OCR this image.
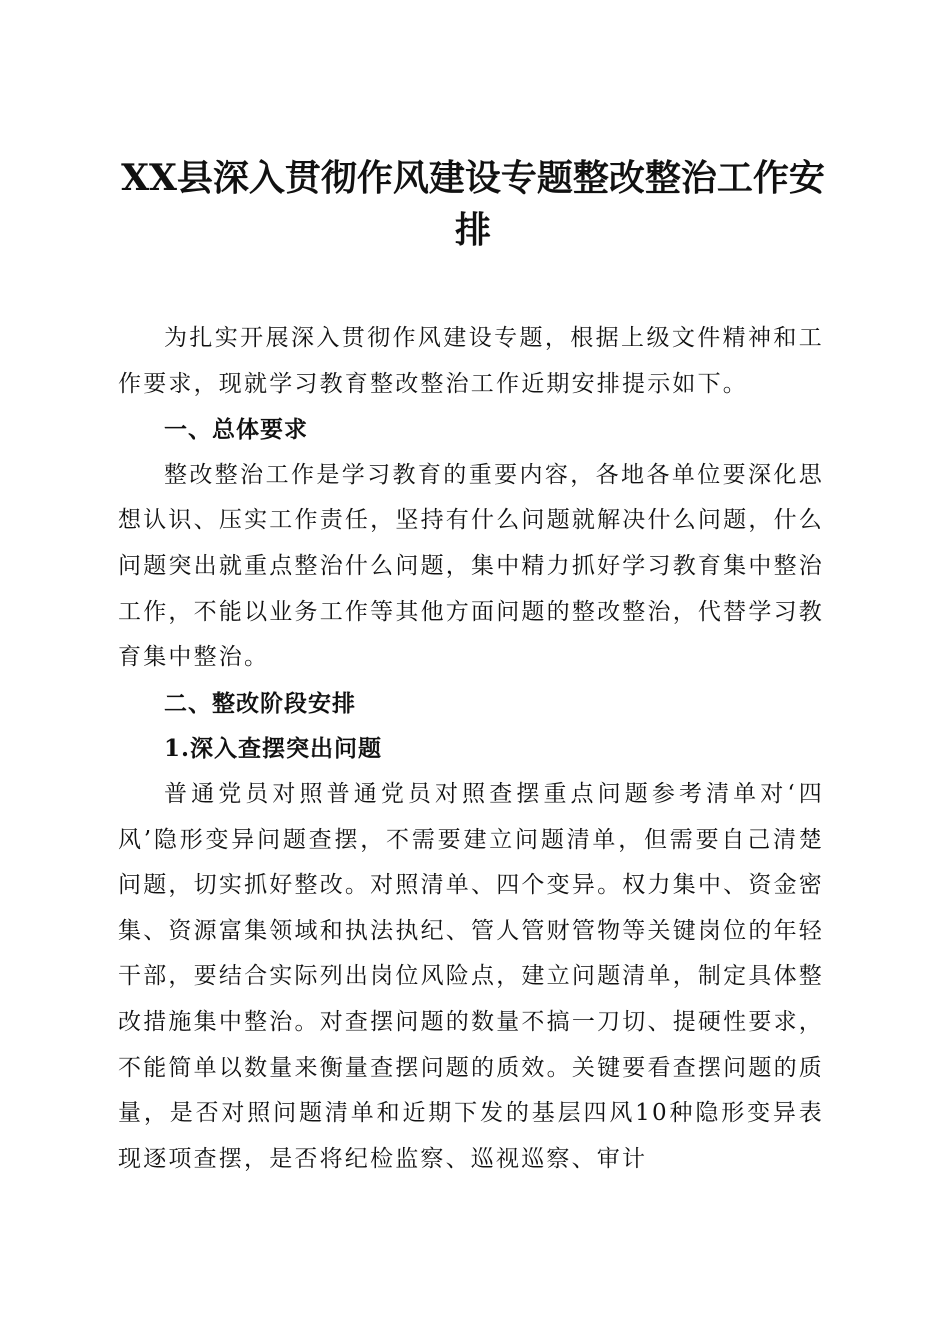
XX县深入贯彻作风建设专题整改整治工作安排

为扎实开展深入贯彻作风建设专题，根据上级文件精神和工作要求，现就学习教育整改整治工作近期安排提示如下。

一、总体要求

整改整治工作是学习教育的重要内容，各地各单位要深化思想认识、压实工作责任，坚持有什么问题就解决什么问题，什么问题突出就重点整治什么问题，集中精力抓好学习教育集中整治工作，不能以业务工作等其他方面问题的整改整治，代替学习教育集中整治。

二、整改阶段安排

1.深入查摆突出问题

普通党员对照普通党员对照查摆重点问题参考清单对‘四风’隐形变异问题查摆，不需要建立问题清单，但需要自己清楚问题，切实抓好整改。对照清单、四个变异。权力集中、资金密集、资源富集领域和执法执纪、管人管财管物等关键岗位的年轻干部，要结合实际列出岗位风险点，建立问题清单，制定具体整改措施集中整治。对查摆问题的数量不搞一刀切、提硬性要求，不能简单以数量来衡量查摆问题的质效。关键要看查摆问题的质量，是否对照问题清单和近期下发的基层四风10种隐形变异表现逐项查摆，是否将纪检监察、巡视巡察、审计
